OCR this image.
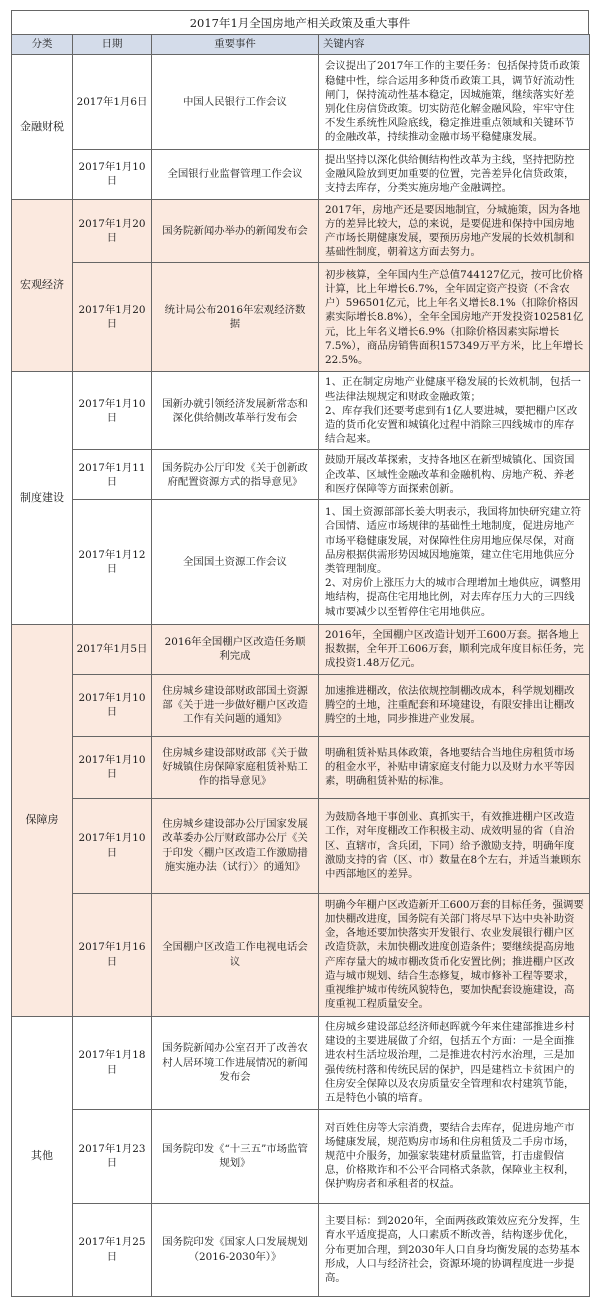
2017年1月全国房地产相关政策及重大事件
分类	日期	重要事件	关键内容
金融财税	2017年1月6日	中国人民银行工作会议	会议提出了2017年工作的主要任务：包括保持货币政策稳健中性，综合运用多种货币政策工具，调节好流动性闸门，保持流动性基本稳定，因城施策，继续落实好差别化住房信贷政策。切实防范化解金融风险，牢牢守住不发生系统性风险底线，稳定推进重点领域和关键环节的金融改革，持续推动金融市场平稳健康发展。
	2017年1月10日	全国银行业监督管理工作会议	提出坚持以深化供给侧结构性改革为主线，坚持把防控金融风险放到更加重要的位置，完善差异化信贷政策，支持去库存，分类实施房地产金融调控。
宏观经济	2017年1月20日	国务院新闻办举办的新闻发布会	2017年，房地产还是要因地制宜，分城施策，因为各地方的差异比较大，总的来说，是要促进和保持中国房地产市场长期健康发展，要预历房地产发展的长效机制和基础性制度，朝着这方面去努力。
	2017年1月20日	统计局公布2016年宏观经济数据	初步核算，全年国内生产总值744127亿元，按可比价格计算，比上年增长6.7%，全年固定资产投资（不含农户）596501亿元，比上年名义增长8.1%（扣除价格因素实际增长8.8%），全年全国房地产开发投资102581亿元，比上年名义增长6.9%（扣除价格因素实际增长7.5%），商品房销售面积157349万平方米，比上年增长22.5%。
制度建设	2017年1月10日	国新办就引领经济发展新常态和深化供给侧改革举行发布会	1、正在制定房地产业健康平稳发展的长效机制，包括一些法律法规规定和财政金融政策；
2、库存我们还要考虑到有1亿人要进城，要把棚户区改造的货币化安置和城镇化过程中消除三四线城市的库存结合起来。

	2017年1月11日	国务院办公厅印发《关于创新政府配置资源方式的指导意见》	鼓励开展改革探索，支持各地区在新型城镇化、国资国企改革、区域性金融改革和金融机构、房地产税、养老和医疗保障等方面探索创新。
	2017年1月12日	全国国土资源工作会议	1、国土资源部部长姜大明表示，我国将加快研究建立符合国情、适应市场规律的基础性土地制度，促进房地产市场平稳健康发展，对保障性住房用地应保尽保，对商品房根据供需形势因城因地施策，建立住宅用地供应分类管理制度。
2、对房价上涨压力大的城市合理增加土地供应，调整用地结构，提高住宅用地比例，对去库存压力大的三四线城市要减少以至暂停住宅用地供应。

保障房	2017年1月5日	2016年全国棚户区改造任务顺利完成	2016年，全国棚户区改造计划开工600万套。据各地上报数据，全年开工606万套，顺利完成年度目标任务，完成投资1.48万亿元。
	2017年1月10日	住房城乡建设部财政部国土资源部《关于进一步做好棚户区改造工作有关问题的通知》	加速推进棚改，依法依规控制棚改成本，科学规划棚改腾空的土地，注重配套和环境建设，有限安排出让棚改腾空的土地，同步推进产业发展。
	2017年1月10日	住房城乡建设部财政部《关于做好城镇住房保障家庭租赁补贴工作的指导意见》	明确租赁补贴具体政策，各地要结合当地住房租赁市场的租金水平，补贴申请家庭支付能力以及财力水平等因素，明确租赁补贴的标准。
	2017年1月10日	住房城乡建设部办公厅国家发展改革委办公厅财政部办公厅《关于印发〈棚户区改造工作激励措施实施办法（试行）〉的通知》	为鼓励各地干事创业、真抓实干，有效推进棚户区改造工作，对年度棚改工作积极主动、成效明显的省（自治区、直辖市，含兵团，下同）给予激励支持，明确年度激励支持的省（区、市）数量在8个左右，并适当兼顾东中西部地区的差异。
	2017年1月16日	全国棚户区改造工作电视电话会议	明确今年棚户区改造新开工600万套的目标任务，强调要加快棚改进度，国务院有关部门将尽早下达中央补助资金，各地还要加快落实开发银行、农业发展银行棚户区改造贷款，未加快棚改进度创造条件；要继续提高房地产库存量大的城市棚改货币化安置比例；推进棚户区改造与城市规划、结合生态修复，城市修补工程等要求，重视维护城市传统风貌特色，要加快配套设施建设，高度重视工程质量安全。
其他	2017年1月18日	国务院新闻办公室召开了改善农村人居环境工作进展情况的新闻发布会	住房城乡建设部总经济师赵晖就今年来住建部推进乡村建设的主要进展做了介绍，包括五个方面：一是全面推进农村生活垃圾治理，二是推进农村污水治理，三是加强传统村落和传统民居的保护，四是建档立卡贫困户的住房安全保障以及农房质量安全管理和农村建筑节能，五是特色小镇的培育。
	2017年1月23日	国务院印发《“十三五”市场监管规划》	对百姓住房等大宗消费，要结合去库存，促进房地产市场健康发展，规范购房市场和住房租赁及二手房市场，规范中介服务，加强家装建材质量监管，打击虚假信息，价格欺诈和不公平合同格式条款，保障业主权利，保护购房者和承租者的权益。
	2017年1月25日	国务院印发《国家人口发展规划（2016-2030年）》	主要目标：到2020年，全面两孩政策效应充分发挥，生育水平适度提高，人口素质不断改善，结构逐步优化，分布更加合理，到2030年人口自身均衡发展的态势基本形成，人口与经济社会，资源环境的协调程度进一步提高。
